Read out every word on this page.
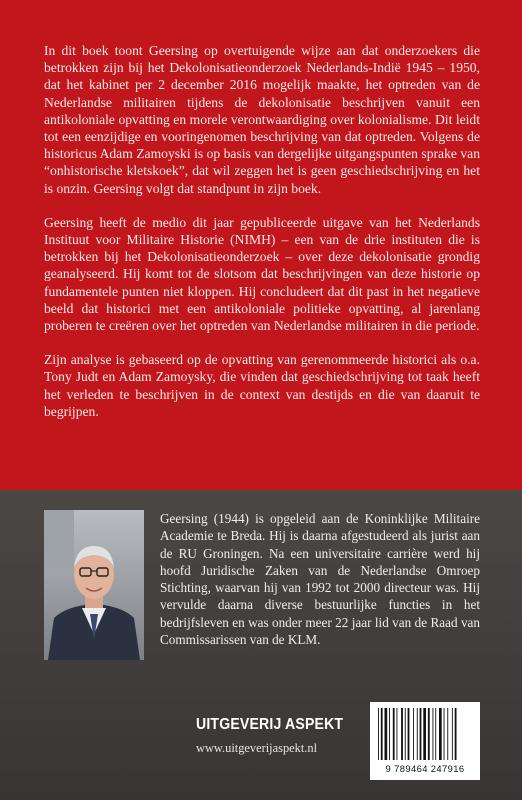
In dit boek toont Geersing op overtuigende wijze aan dat onderzoekers die betrokken zijn bij het Dekolonisatieonderzoek Nederlands-Indië 1945 – 1950, dat het kabinet per 2 december 2016 mogelijk maakte, het optreden van de Nederlandse militairen tijdens de dekolonisatie beschrijven vanuit een antikoloniale opvatting en morele verontwaardiging over kolonialisme. Dit leidt tot een eenzijdige en vooringenomen beschrijving van dat optreden. Volgens de historicus Adam Zamoyski is op basis van dergelijke uitgangspunten sprake van “onhistorische kletskoek”, dat wil zeggen het is geen geschiedschrijving en het is onzin. Geersing volgt dat standpunt in zijn boek.

Geersing heeft de medio dit jaar gepubliceerde uitgave van het Nederlands Instituut voor Militaire Historie (NIMH) – een van de drie instituten die is betrokken bij het Dekolonisatieonderzoek – over deze dekolonisatie grondig geanalyseerd. Hij komt tot de slotsom dat beschrijvingen van deze historie op fundamentele punten niet kloppen. Hij concludeert dat dit past in het negatieve beeld dat historici met een antikoloniale politieke opvatting, al jarenlang proberen te creëren over het optreden van Nederlandse militairen in die periode.

Zijn analyse is gebaseerd op de opvatting van gerenommeerde historici als o.a. Tony Judt en Adam Zamoysky, die vinden dat geschiedschrijving tot taak heeft het verleden te beschrijven in de context van destijds en die van daaruit te begrijpen.

Geersing (1944) is opgeleid aan de Koninklijke Militaire Academie te Breda. Hij is daarna afgestudeerd als jurist aan de RU Groningen. Na een universitaire carrière werd hij hoofd Juridische Zaken van de Nederlandse Omroep Stichting, waarvan hij van 1992 tot 2000 directeur was. Hij vervulde daarna diverse bestuurlijke functies in het bedrijfsleven en was onder meer 22 jaar lid van de Raad van Commissarissen van de KLM.
UITGEVERIJ ASPEKT
www.uitgeverijaspekt.nl
9 789464 247916
